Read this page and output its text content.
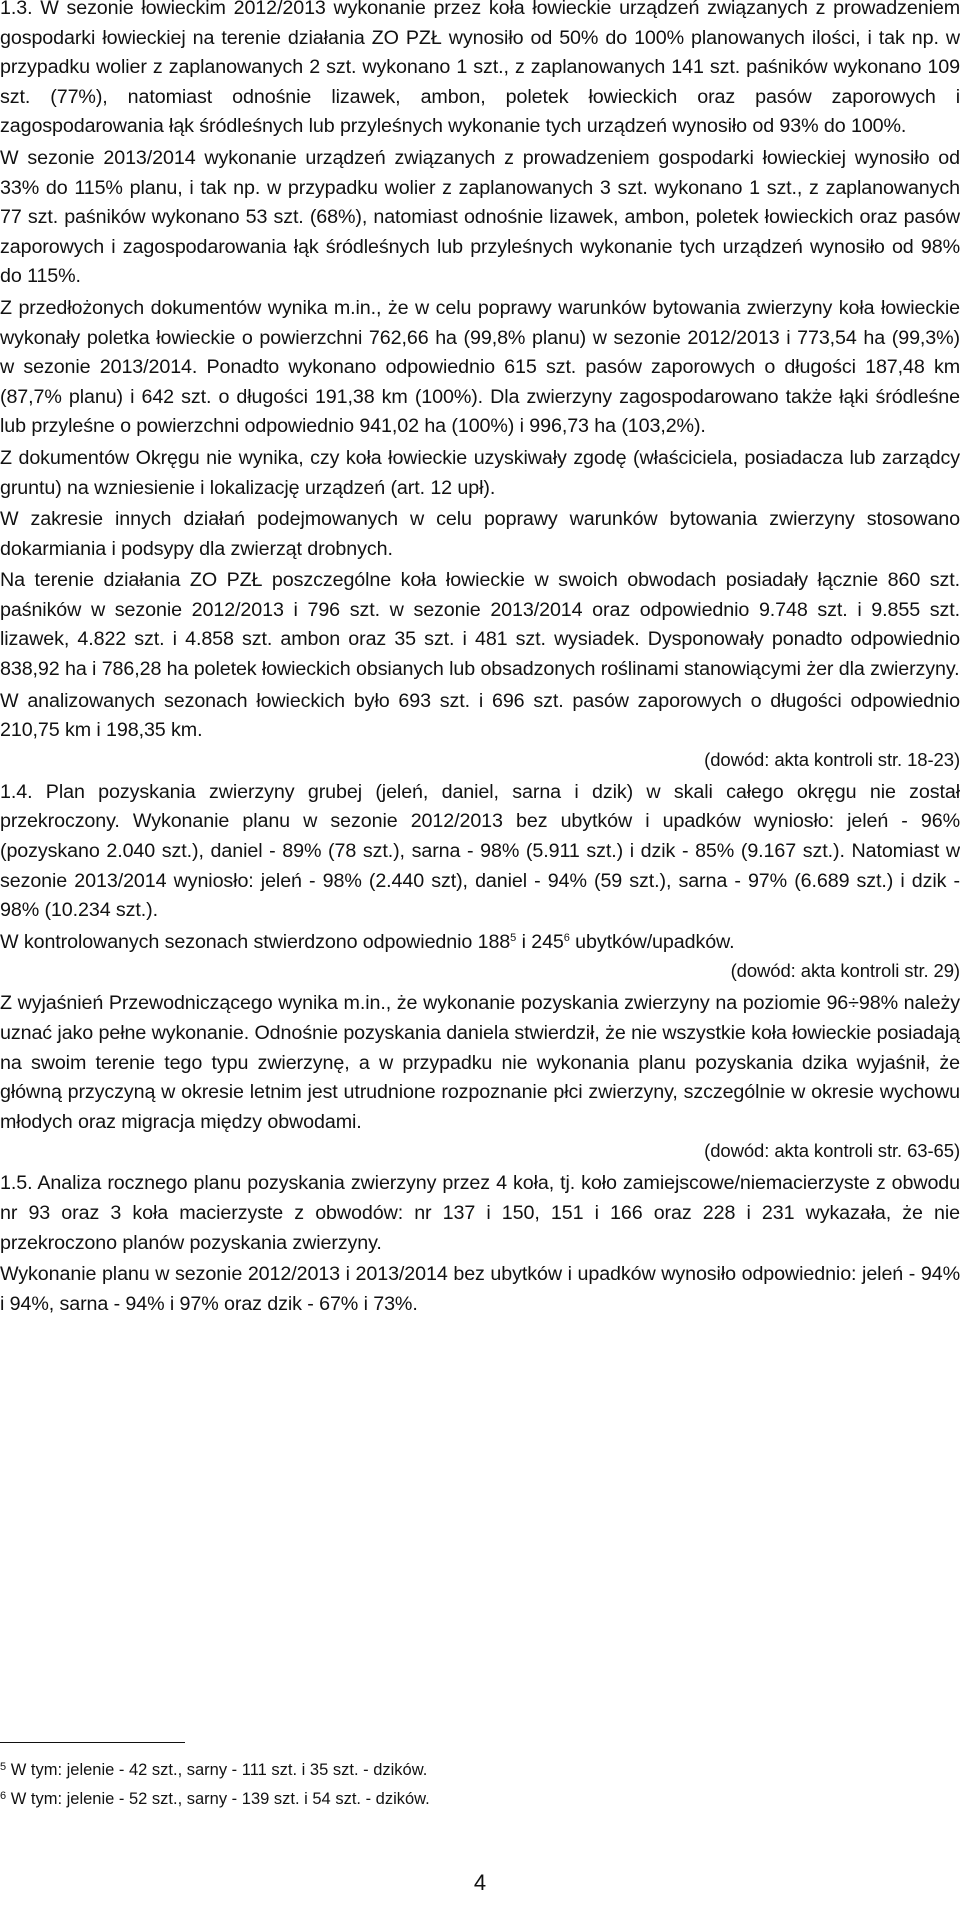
1.3. W sezonie łowieckim 2012/2013 wykonanie przez koła łowieckie urządzeń związanych z prowadzeniem gospodarki łowieckiej na terenie działania ZO PZŁ wynosiło od 50% do 100% planowanych ilości, i tak np. w przypadku wolier z zaplanowanych 2 szt. wykonano 1 szt., z zaplanowanych 141 szt. paśników wykonano 109 szt. (77%), natomiast odnośnie lizawek, ambon, poletek łowieckich oraz pasów zaporowych i zagospodarowania łąk śródleśnych lub przyleśnych wykonanie tych urządzeń wynosiło od 93% do 100%.

W sezonie 2013/2014 wykonanie urządzeń związanych z prowadzeniem gospodarki łowieckiej wynosiło od 33% do 115% planu, i tak np. w przypadku wolier z zaplanowanych 3 szt. wykonano 1 szt., z zaplanowanych 77 szt. paśników wykonano 53 szt. (68%), natomiast odnośnie lizawek, ambon, poletek łowieckich oraz pasów zaporowych i zagospodarowania łąk śródleśnych lub przyleśnych wykonanie tych urządzeń wynosiło od 98% do 115%.

Z przedłożonych dokumentów wynika m.in., że w celu poprawy warunków bytowania zwierzyny koła łowieckie wykonały poletka łowieckie o powierzchni 762,66 ha (99,8% planu) w sezonie 2012/2013 i 773,54 ha (99,3%) w sezonie 2013/2014. Ponadto wykonano odpowiednio 615 szt. pasów zaporowych o długości 187,48 km (87,7% planu) i 642 szt. o długości 191,38 km (100%). Dla zwierzyny zagospodarowano także łąki śródleśne lub przyleśne o powierzchni odpowiednio 941,02 ha (100%) i 996,73 ha (103,2%).

Z dokumentów Okręgu nie wynika, czy koła łowieckie uzyskiwały zgodę (właściciela, posiadacza lub zarządcy gruntu) na wzniesienie i lokalizację urządzeń (art. 12 upł).

W zakresie innych działań podejmowanych w celu poprawy warunków bytowania zwierzyny stosowano dokarmiania i podsypy dla zwierząt drobnych.

Na terenie działania ZO PZŁ poszczególne koła łowieckie w swoich obwodach posiadały łącznie 860 szt. paśników w sezonie 2012/2013 i 796 szt. w sezonie 2013/2014 oraz odpowiednio 9.748 szt. i 9.855 szt. lizawek, 4.822 szt. i 4.858 szt. ambon oraz 35 szt. i 481 szt. wysiadek. Dysponowały ponadto odpowiednio 838,92 ha i 786,28 ha poletek łowieckich obsianych lub obsadzonych roślinami stanowiącymi żer dla zwierzyny.

W analizowanych sezonach łowieckich było 693 szt. i 696 szt. pasów zaporowych o długości odpowiednio 210,75 km i 198,35 km.

(dowód: akta kontroli str. 18-23)

1.4. Plan pozyskania zwierzyny grubej (jeleń, daniel, sarna i dzik) w skali całego okręgu nie został przekroczony. Wykonanie planu w sezonie 2012/2013 bez ubytków i upadków wyniosło: jeleń - 96% (pozyskano 2.040 szt.), daniel - 89% (78 szt.), sarna - 98% (5.911 szt.) i dzik - 85% (9.167 szt.). Natomiast w sezonie 2013/2014 wyniosło: jeleń - 98% (2.440 szt), daniel - 94% (59 szt.), sarna - 97% (6.689 szt.) i dzik - 98% (10.234 szt.).

W kontrolowanych sezonach stwierdzono odpowiednio $188^5$ i $245^6$ ubytków/upadków.

(dowód: akta kontroli str. 29)

Z wyjaśnień Przewodniczącego wynika m.in., że wykonanie pozyskania zwierzyny na poziomie 96÷98% należy uznać jako pełne wykonanie. Odnośnie pozyskania daniela stwierdził, że nie wszystkie koła łowieckie posiadają na swoim terenie tego typu zwierzynę, a w przypadku nie wykonania planu pozyskania dzika wyjaśnił, że główną przyczyną w okresie letnim jest utrudnione rozpoznanie płci zwierzyny, szczególnie w okresie wychowu młodych oraz migracja między obwodami.

(dowód: akta kontroli str. 63-65)

1.5. Analiza rocznego planu pozyskania zwierzyny przez 4 koła, tj. koło zamiejscowe/niemacierzyste z obwodu nr 93 oraz 3 koła macierzyste z obwodów: nr 137 i 150, 151 i 166 oraz 228 i 231 wykazała, że nie przekroczono planów pozyskania zwierzyny.

Wykonanie planu w sezonie 2012/2013 i 2013/2014 bez ubytków i upadków wynosiło odpowiednio: jeleń - 94% i 94%, sarna - 94% i 97% oraz dzik - 67% i 73%.

$^5$ W tym: jelenie - 42 szt., sarny - 111 szt. i 35 szt. - dzików.
$^6$ W tym: jelenie - 52 szt., sarny - 139 szt. i 54 szt. - dzików.
4
